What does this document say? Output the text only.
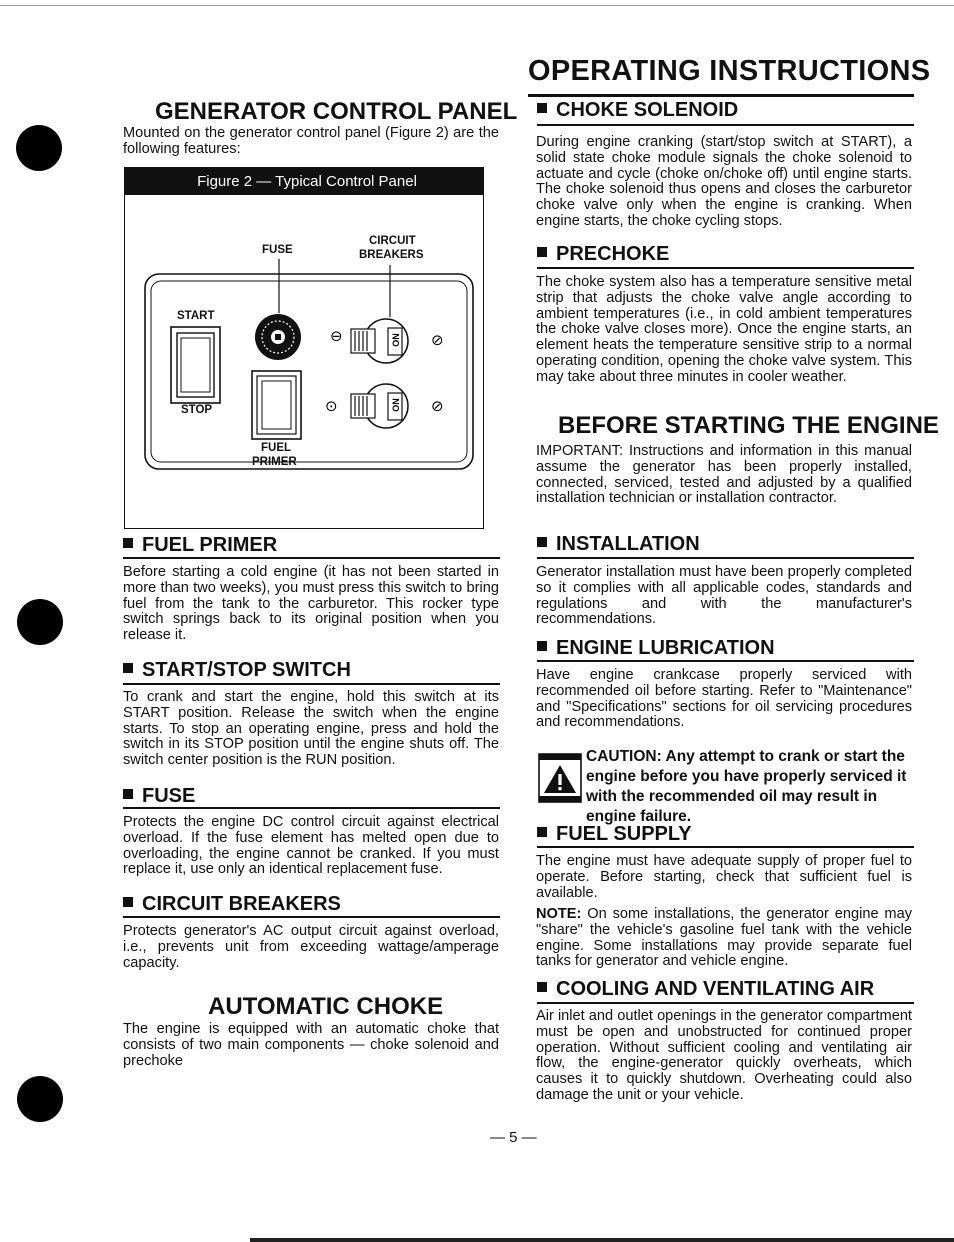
OPERATING INSTRUCTIONS
GENERATOR CONTROL PANEL
Mounted on the generator control panel (Figure 2) are the following features:
Figure 2 — Typical Control Panel
FUSE
CIRCUIT
BREAKERS
START
STOP
FUEL
PRIMER
⊖	ON ⊘
⊙	ON ⊘
FUEL PRIMER
Before starting a cold engine (it has not been started in more than two weeks), you must press this switch to bring fuel from the tank to the carburetor. This rocker type switch springs back to its original position when you release it.
START/STOP SWITCH
To crank and start the engine, hold this switch at its START position. Release the switch when the engine starts. To stop an operating engine, press and hold the switch in its STOP position until the engine shuts off. The switch center position is the RUN position.
FUSE
Protects the engine DC control circuit against electrical overload. If the fuse element has melted open due to overloading, the engine cannot be cranked. If you must replace it, use only an identical replacement fuse.
CIRCUIT BREAKERS
Protects generator's AC output circuit against overload, i.e., prevents unit from exceeding wattage/amperage capacity.
AUTOMATIC CHOKE
The engine is equipped with an automatic choke that consists of two main components — choke solenoid and prechoke
CHOKE SOLENOID
During engine cranking (start/stop switch at START), a solid state choke module signals the choke solenoid to actuate and cycle (choke on/choke off) until engine starts. The choke solenoid thus opens and closes the carburetor choke valve only when the engine is cranking. When engine starts, the choke cycling stops.
PRECHOKE
The choke system also has a temperature sensitive metal strip that adjusts the choke valve angle according to ambient temperatures (i.e., in cold ambient temperatures the choke valve closes more). Once the engine starts, an element heats the temperature sensitive strip to a normal operating condition, opening the choke valve system. This may take about three minutes in cooler weather.
BEFORE STARTING THE ENGINE
IMPORTANT: Instructions and information in this manual assume the generator has been properly installed, connected, serviced, tested and adjusted by a qualified installation technician or installation contractor.
INSTALLATION
Generator installation must have been properly completed so it complies with all applicable codes, standards and regulations and with the manufacturer's recommendations.
ENGINE LUBRICATION
Have engine crankcase properly serviced with recommended oil before starting. Refer to "Maintenance" and "Specifications" sections for oil servicing procedures and recommendations.
CAUTION: Any attempt to crank or start the engine before you have properly serviced it with the recommended oil may result in engine failure.
FUEL SUPPLY
The engine must have adequate supply of proper fuel to operate. Before starting, check that sufficient fuel is available.
NOTE: On some installations, the generator engine may "share" the vehicle's gasoline fuel tank with the vehicle engine. Some installations may provide separate fuel tanks for generator and vehicle engine.
COOLING AND VENTILATING AIR
Air inlet and outlet openings in the generator compartment must be open and unobstructed for continued proper operation. Without sufficient cooling and ventilating air flow, the engine-generator quickly overheats, which causes it to quickly shutdown. Overheating could also damage the unit or your vehicle.
— 5 —
